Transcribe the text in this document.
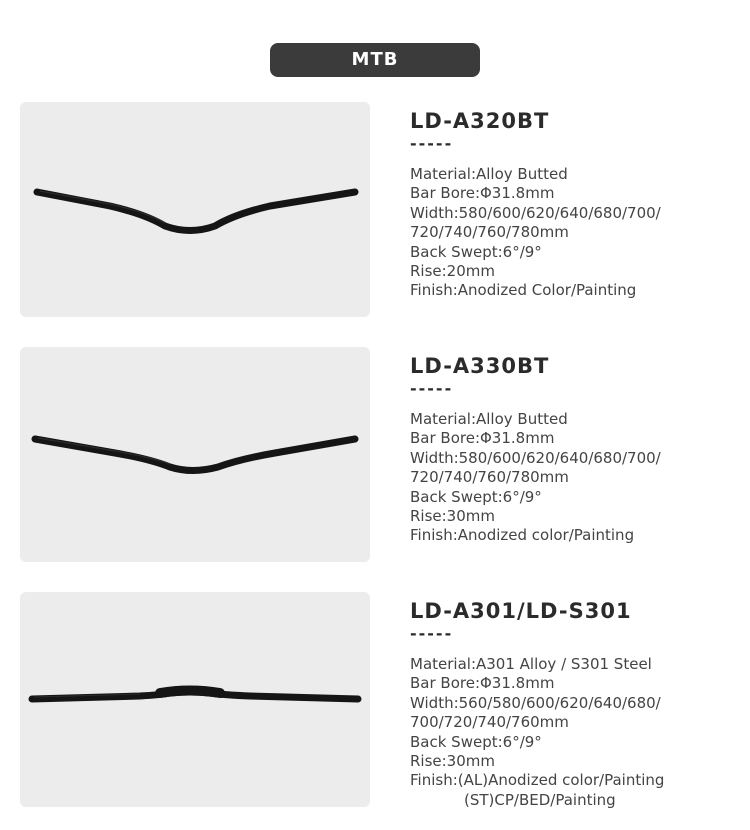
MTB
LD-A320BT
-----
Material:Alloy Butted
Bar Bore:Φ31.8mm
Width:580/600/620/640/680/700/
720/740/760/780mm
Back Swept:6°/9°
Rise:20mm
Finish:Anodized Color/Painting
LD-A330BT
-----
Material:Alloy Butted
Bar Bore:Φ31.8mm
Width:580/600/620/640/680/700/
720/740/760/780mm
Back Swept:6°/9°
Rise:30mm
Finish:Anodized color/Painting
LD-A301/LD-S301
-----
Material:A301 Alloy / S301 Steel
Bar Bore:Φ31.8mm
Width:560/580/600/620/640/680/
700/720/740/760mm
Back Swept:6°/9°
Rise:30mm
Finish:(AL)Anodized color/Painting
(ST)CP/BED/Painting
